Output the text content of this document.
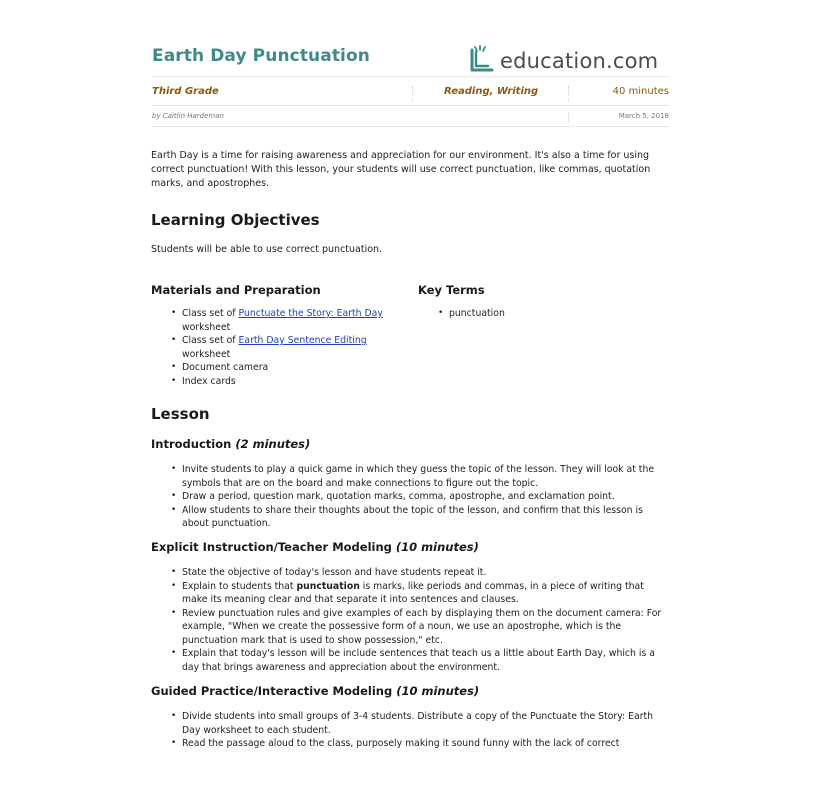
Earth Day Punctuation	education.com
Third Grade	Reading, Writing	40 minutes
by Caitlin Hardeman	March 5, 2018
Earth Day is a time for raising awareness and appreciation for our environment. It's also a time for using correct punctuation! With this lesson, your students will use correct punctuation, like commas, quotation marks, and apostrophes.
Learning Objectives
Students will be able to use correct punctuation.
Materials and Preparation
• Class set of Punctuate the Story: Earth Day worksheet
• Class set of Earth Day Sentence Editing worksheet
• Document camera
• Index cards
Key Terms
• punctuation
Lesson
Introduction (2 minutes)
• Invite students to play a quick game in which they guess the topic of the lesson. They will look at the symbols that are on the board and make connections to figure out the topic.
• Draw a period, question mark, quotation marks, comma, apostrophe, and exclamation point.
• Allow students to share their thoughts about the topic of the lesson, and confirm that this lesson is about punctuation.
Explicit Instruction/Teacher Modeling (10 minutes)
• State the objective of today's lesson and have students repeat it.
• Explain to students that punctuation is marks, like periods and commas, in a piece of writing that make its meaning clear and that separate it into sentences and clauses.
• Review punctuation rules and give examples of each by displaying them on the document camera: For example, "When we create the possessive form of a noun, we use an apostrophe, which is the punctuation mark that is used to show possession," etc.
• Explain that today's lesson will be include sentences that teach us a little about Earth Day, which is a day that brings awareness and appreciation about the environment.
Guided Practice/Interactive Modeling (10 minutes)
• Divide students into small groups of 3-4 students. Distribute a copy of the Punctuate the Story: Earth Day worksheet to each student.
• Read the passage aloud to the class, purposely making it sound funny with the lack of correct
